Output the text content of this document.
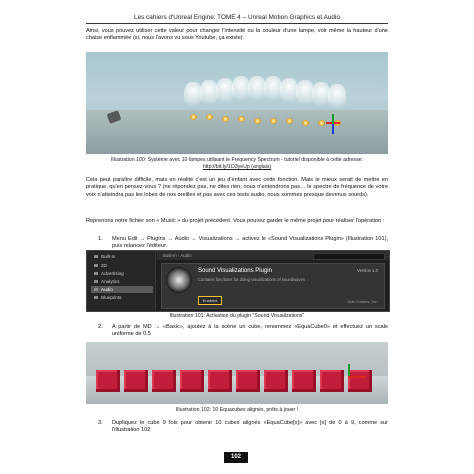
Les cahiers d'Unreal Engine: TOME 4 – Unreal Motion Graphics et Audio
Ainsi, vous pouvez utiliser cette valeur pour changer l'intensité ou la couleur d'une lampe, voir même la hauteur d'une chaise enflammée (si, nous l'avons vu sous Youtube, ça existe).
Illustration 100: Système avec 10 lampes utilisant le Frequency Spectrum - tutoriel disponible à cette adresse:
http://bit.ly/1O3yeUp (anglais)
Cela peut paraître difficile, mais en réalité c'est un jeu d'enfant avec cette fonction. Mais le mieux serait de mettre en pratique, qu'en pensez-vous ? (ne répondez pas, ne dites rien, nous n'entendrons pas… le spectre de fréquence de votre voix n'atteindra pas les lobes de nos oreilles et pas avec ces tests audio, nous sommes presque devenus sourds).
Reprenons notre fichier son « Music » du projet précédent. Vous pouvez garder le même projet pour réaliser l'opération :
1. Menu Edit → Plugins → Audio → Visualizations → activez le «Sound Visualizations Plugin» (Illustration 101), puis relancez l'éditeur.
Built-In
2D
Advertising
Analytics
Audio
Blueprints
Built-In › Audio
Sound Visualizations Plugin
Contains functions for doing visualizations of soundwaves
Version 1.0
Enabled	Epic Games, Inc.
Illustration 101: Activation du plugin "Sound Visualizations"
2. A partir de MD → «Basic», ajoutez à la scène un cube, renommez «EquaCube0» et effectuez un scale uniforme de 0.5
Illustration 102: 10 Equacubes alignés, prêts à jouer !
3. Dupliquez le cube 9 fois pour obtenir 10 cubes alignés «EquaCube[x]» avec [x] de 0 à 9, comme sur l'illustration 102
102
